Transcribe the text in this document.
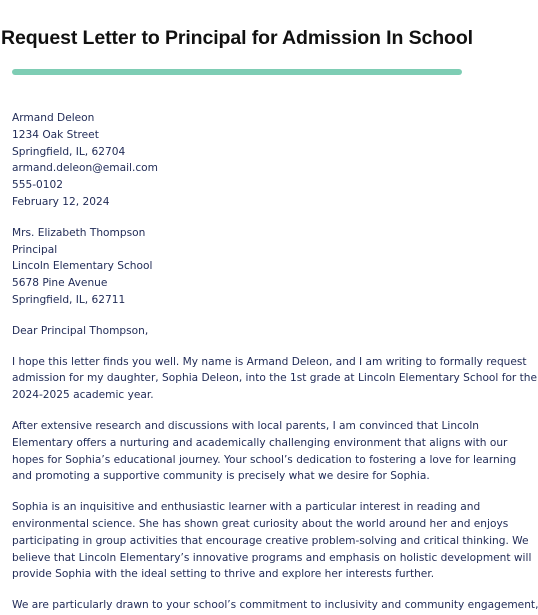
Request Letter to Principal for Admission In School
Armand Deleon
1234 Oak Street
Springfield, IL, 62704
armand.deleon@email.com
555-0102
February 12, 2024
Mrs. Elizabeth Thompson
Principal
Lincoln Elementary School
5678 Pine Avenue
Springfield, IL, 62711
Dear Principal Thompson,
I hope this letter finds you well. My name is Armand Deleon, and I am writing to formally request
admission for my daughter, Sophia Deleon, into the 1st grade at Lincoln Elementary School for the
2024-2025 academic year.
After extensive research and discussions with local parents, I am convinced that Lincoln
Elementary offers a nurturing and academically challenging environment that aligns with our
hopes for Sophia’s educational journey. Your school’s dedication to fostering a love for learning
and promoting a supportive community is precisely what we desire for Sophia.
Sophia is an inquisitive and enthusiastic learner with a particular interest in reading and
environmental science. She has shown great curiosity about the world around her and enjoys
participating in group activities that encourage creative problem-solving and critical thinking. We
believe that Lincoln Elementary’s innovative programs and emphasis on holistic development will
provide Sophia with the ideal setting to thrive and explore her interests further.
We are particularly drawn to your school’s commitment to inclusivity and community engagement,
